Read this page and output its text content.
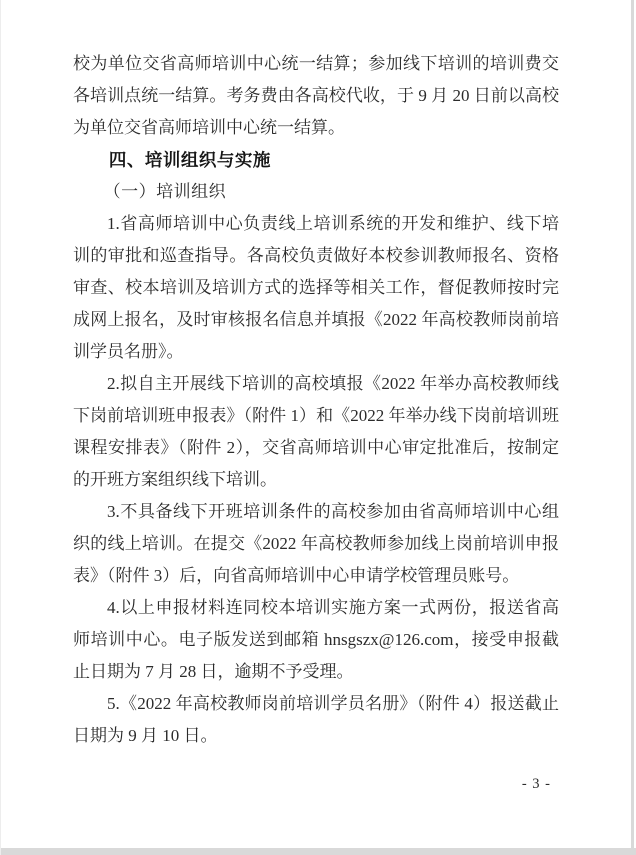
校为单位交省高师培训中心统一结算；参加线下培训的培训费交各培训点统一结算。考务费由各高校代收，于 9 月 20 日前以高校为单位交省高师培训中心统一结算。

四、培训组织与实施

（一）培训组织

1.省高师培训中心负责线上培训系统的开发和维护、线下培训的审批和巡查指导。各高校负责做好本校参训教师报名、资格审查、校本培训及培训方式的选择等相关工作，督促教师按时完成网上报名，及时审核报名信息并填报《2022 年高校教师岗前培训学员名册》。

2.拟自主开展线下培训的高校填报《2022 年举办高校教师线下岗前培训班申报表》（附件 1）和《2022 年举办线下岗前培训班课程安排表》（附件 2），交省高师培训中心审定批准后，按制定的开班方案组织线下培训。

3.不具备线下开班培训条件的高校参加由省高师培训中心组织的线上培训。在提交《2022 年高校教师参加线上岗前培训申报表》（附件 3）后，向省高师培训中心申请学校管理员账号。

4.以上申报材料连同校本培训实施方案一式两份，报送省高师培训中心。电子版发送到邮箱 hnsgszx@126.com，接受申报截止日期为 7 月 28 日，逾期不予受理。

5.《2022 年高校教师岗前培训学员名册》（附件 4）报送截止日期为 9 月 10 日。

- 3 -
